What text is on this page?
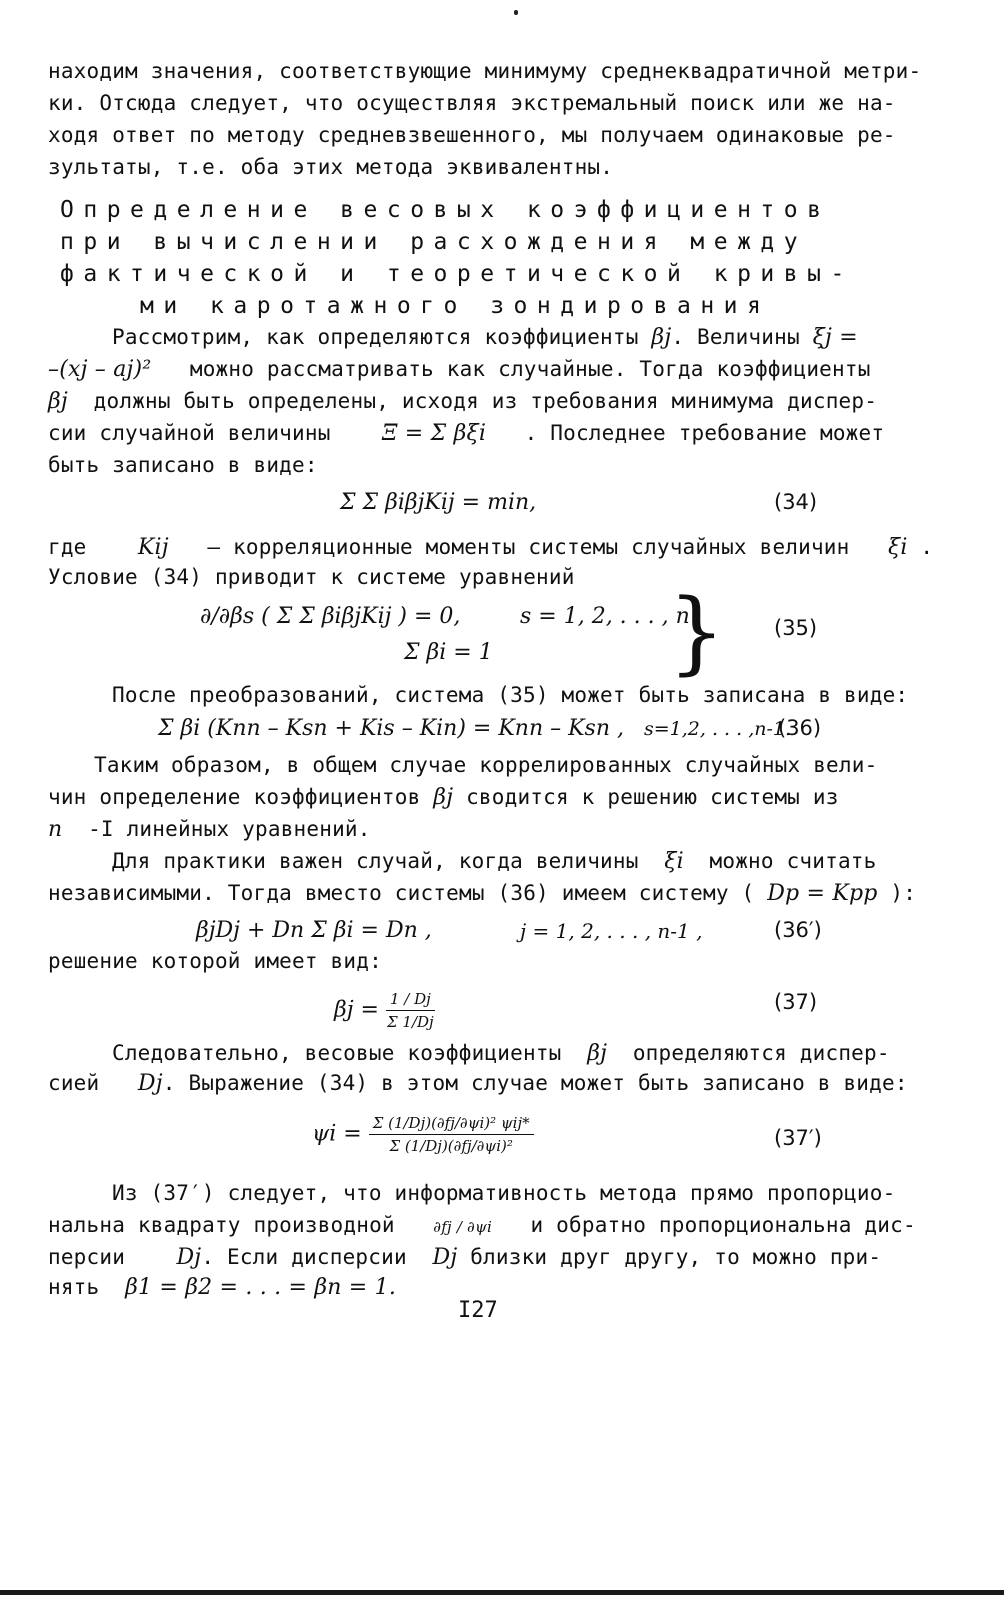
находим значения, соответствующие минимуму среднеквадратичной метри-
ки. Отсюда следует, что осуществляя экстремальный поиск или же на-
ходя ответ по методу средневзвешенного, мы получаем одинаковые ре-
зультаты, т.е. оба этих метода эквивалентны.
Определение весовых коэффициентов
при вычислении расхождения между
фактической и теоретической кривы-
ми каротажного зондирования
Рассмотрим, как определяются коэффициенты βj. Величины ξj =
–(xj – aj)² можно рассматривать как случайные. Тогда коэффициенты
βj должны быть определены, исходя из требования минимума диспер-
сии случайной величины Ξ = Σ βξi . Последнее требование может
быть записано в виде:
Σ Σ βiβjKij = min,	(34)
где Kij – корреляционные моменты системы случайных величин ξi .
Условие (34) приводит к системе уравнений
∂/∂βs ( Σ Σ βiβjKij ) = 0,	s = 1, 2, . . . , n
Σ βi = 1 } (35)
После преобразований, система (35) может быть записана в виде:
Σ βi (Knn – Ksn + Kis – Kin) = Knn – Ksn , s=1,2, . . . ,n-1.
(36)
Таким образом, в общем случае коррелированных случайных вели-
чин определение коэффициентов βj сводится к решению системы из
n -I линейных уравнений.
Для практики важен случай, когда величины ξi можно считать
независимыми. Тогда вместо системы (36) имеем систему ( Dp = Kpp ):
βjDj + Dn Σ βi = Dn ,	j = 1, 2, . . . , n-1 ,	(36′)
решение которой имеет вид:
$\beta j = \frac{1 / Dj}{\Sigma 1/Dj}$	(37)
Следовательно, весовые коэффициенты βj определяются диспер-
сией Dj. Выражение (34) в этом случае может быть записано в виде:
$\psi i = \frac{\text{Σ (1/Dj)(∂fj/∂ψi)² ψij*}}{\text{Σ (1/Dj)(∂fj/∂ψi)²}}$	(37′)
Из (37′) следует, что информативность метода прямо пропорцио-
нальна квадрату производной	∂fj / ∂ψi и обратно пропорциональна дис-
персии Dj. Если дисперсии Dj близки друг другу, то можно при-
нять β1 = β2 = . . . = βn = 1.
I27
